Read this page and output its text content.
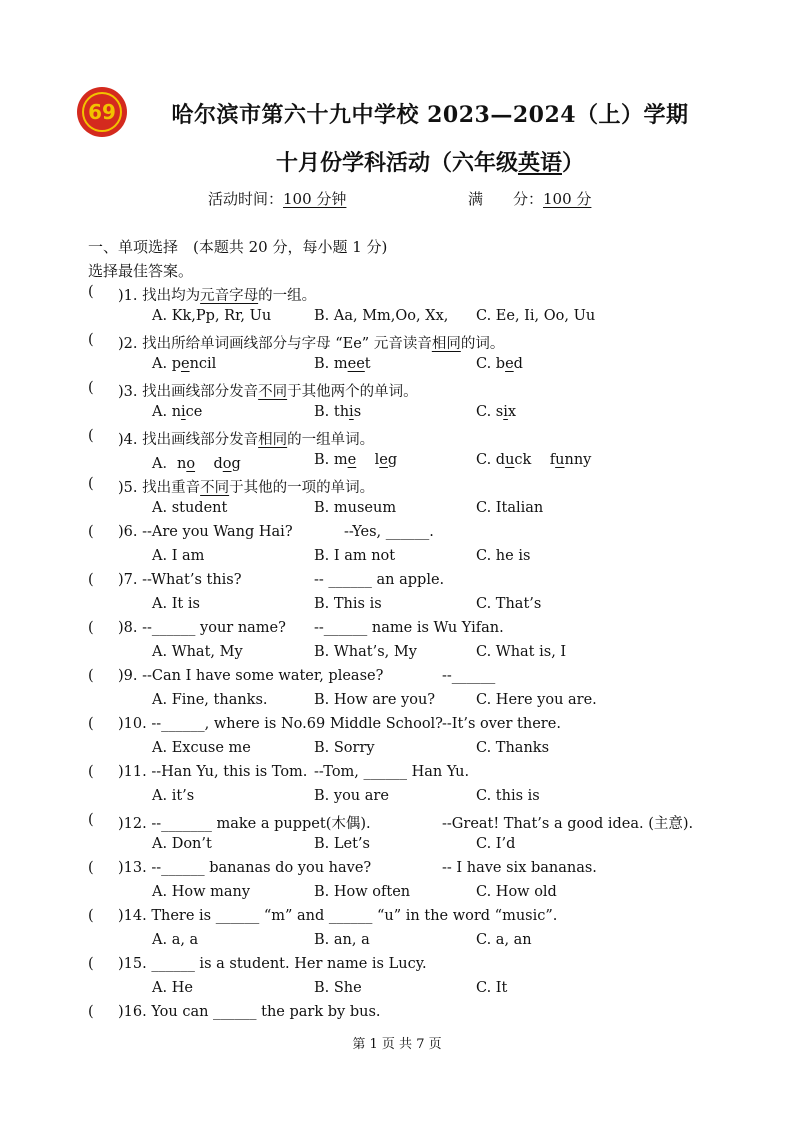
69	哈尔滨市第六十九中学校 2023—2024（上）学期
十月份学科活动（六年级英语）
活动时间：100 分钟	满　　分：100 分
一、单项选择　(本题共 20 分，每小题 1 分)
选择最佳答案。
( )1. 找出均为元音字母的一组。
A. Kk,Pp, Rr, Uu	B. Aa, Mm,Oo, Xx, C. Ee, Ii, Oo, Uu
( )2. 找出所给单词画线部分与字母 “Ee” 元音读音相同的词。
A. pencil	B. meet	C. bed
( )3. 找出画线部分发音不同于其他两个的单词。
A. nice	B. this	C. six
( )4. 找出画线部分发音相同的一组单词。
A．no dog	B. me leg	C. duck funny
( )5. 找出重音不同于其他的一项的单词。
A. student	B. museum	C. Italian
( )6. --Are you Wang Hai?	--Yes, ______.
A. I am	B. I am not	C. he is
( )7. --What’s this?	-- ______ an apple.
A. It is	B. This is	C. That’s
( )8. --______ your name? --______ name is Wu Yifan.
A. What, My	B. What’s, My	C. What is, I
( )9. --Can I have some water, please?	--______
A. Fine, thanks.	B. How are you?	C. Here you are.
( )10. --______, where is No.69 Middle School? --It’s over there.
A. Excuse me	B. Sorry	C. Thanks
( )11. --Han Yu, this is Tom. --Tom, ______ Han Yu.
A. it’s	B. you are	C. this is
( )12. --_______ make a puppet(木偶).	--Great! That’s a good idea. (主意).
A. Don’t	B. Let’s	C. I’d
( )13. --______ bananas do you have?	-- I have six bananas.
A. How many	B. How often	C. How old
( )14. There is ______ “m” and ______ “u” in the word “music”.
A. a, a	B. an, a	C. a, an
( )15. ______ is a student. Her name is Lucy.
A. He	B. She	C. It
( )16. You can ______ the park by bus.
第 1 页 共 7 页
